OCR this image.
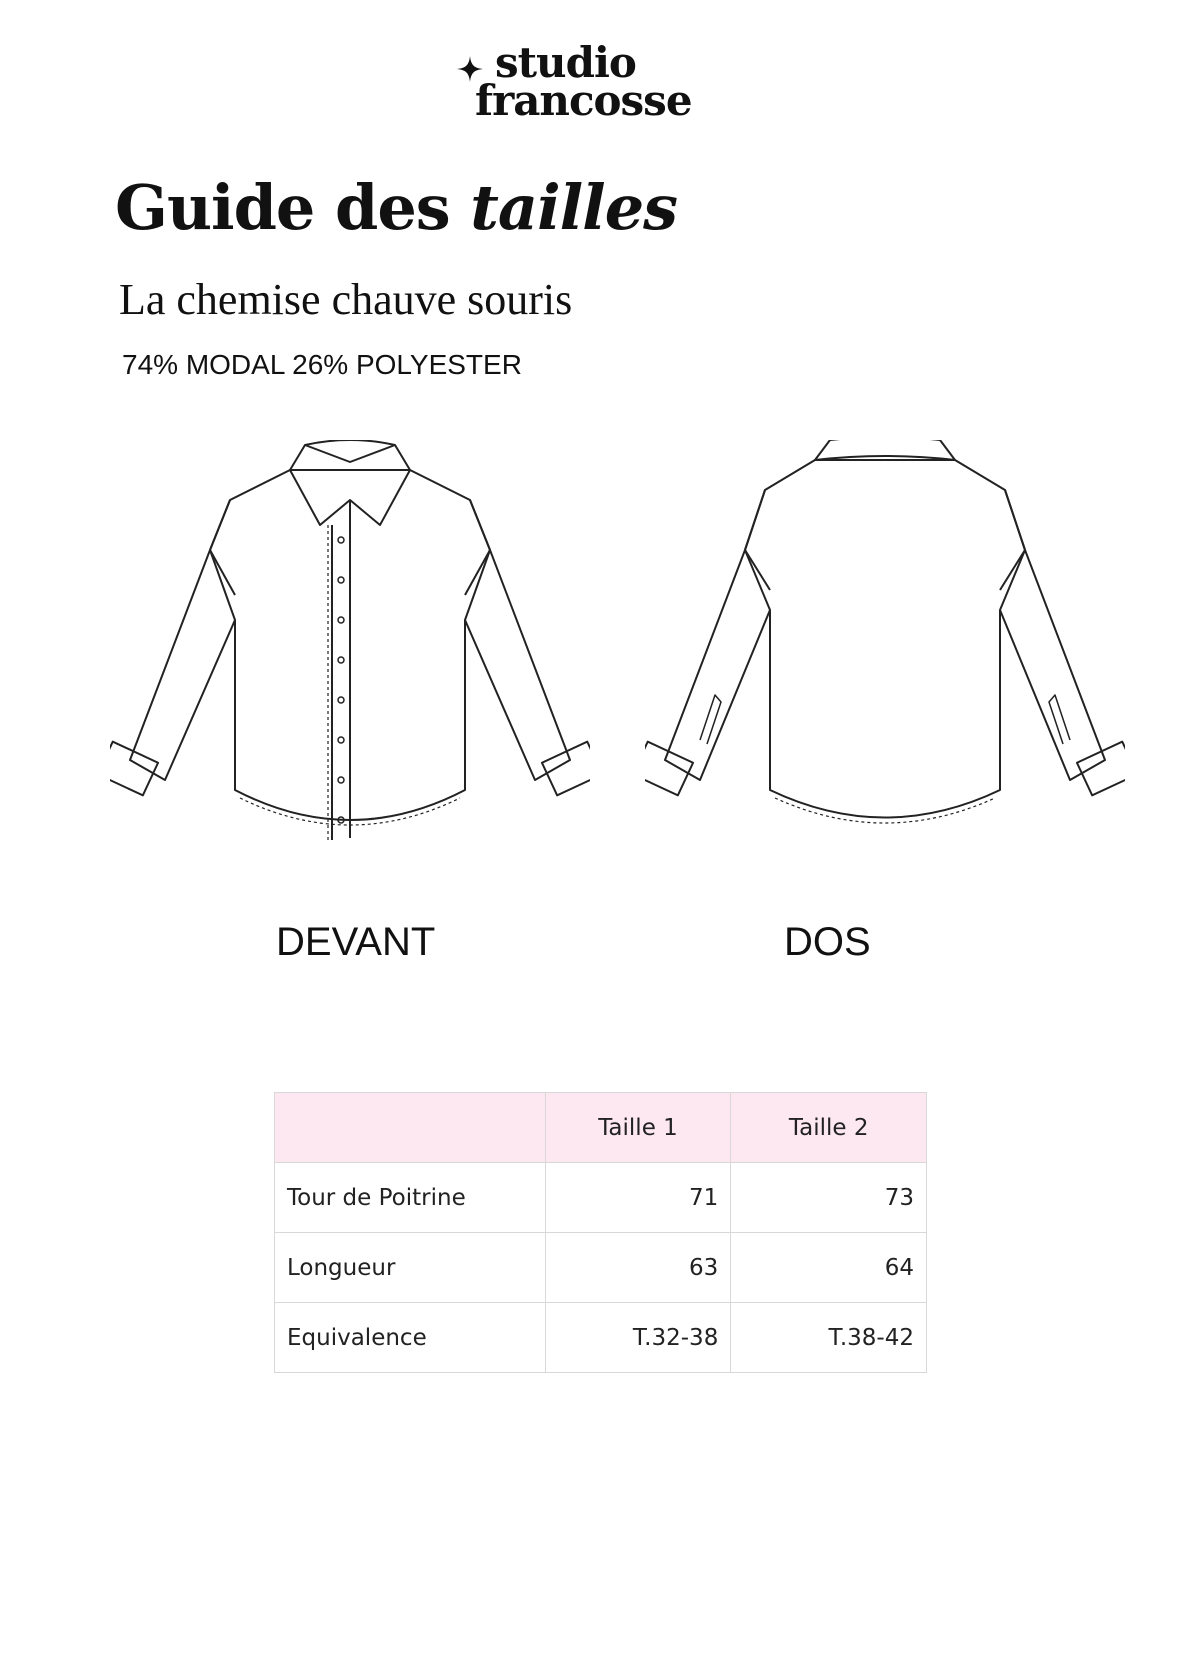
studio
francosse
Guide des tailles

La chemise chauve souris

74% MODAL 26% POLYESTER

DEVANT	DOS
	Taille 1	Taille 2
Tour de Poitrine	71	73
Longueur	63	64
Equivalence	T.32-38	T.38-42
